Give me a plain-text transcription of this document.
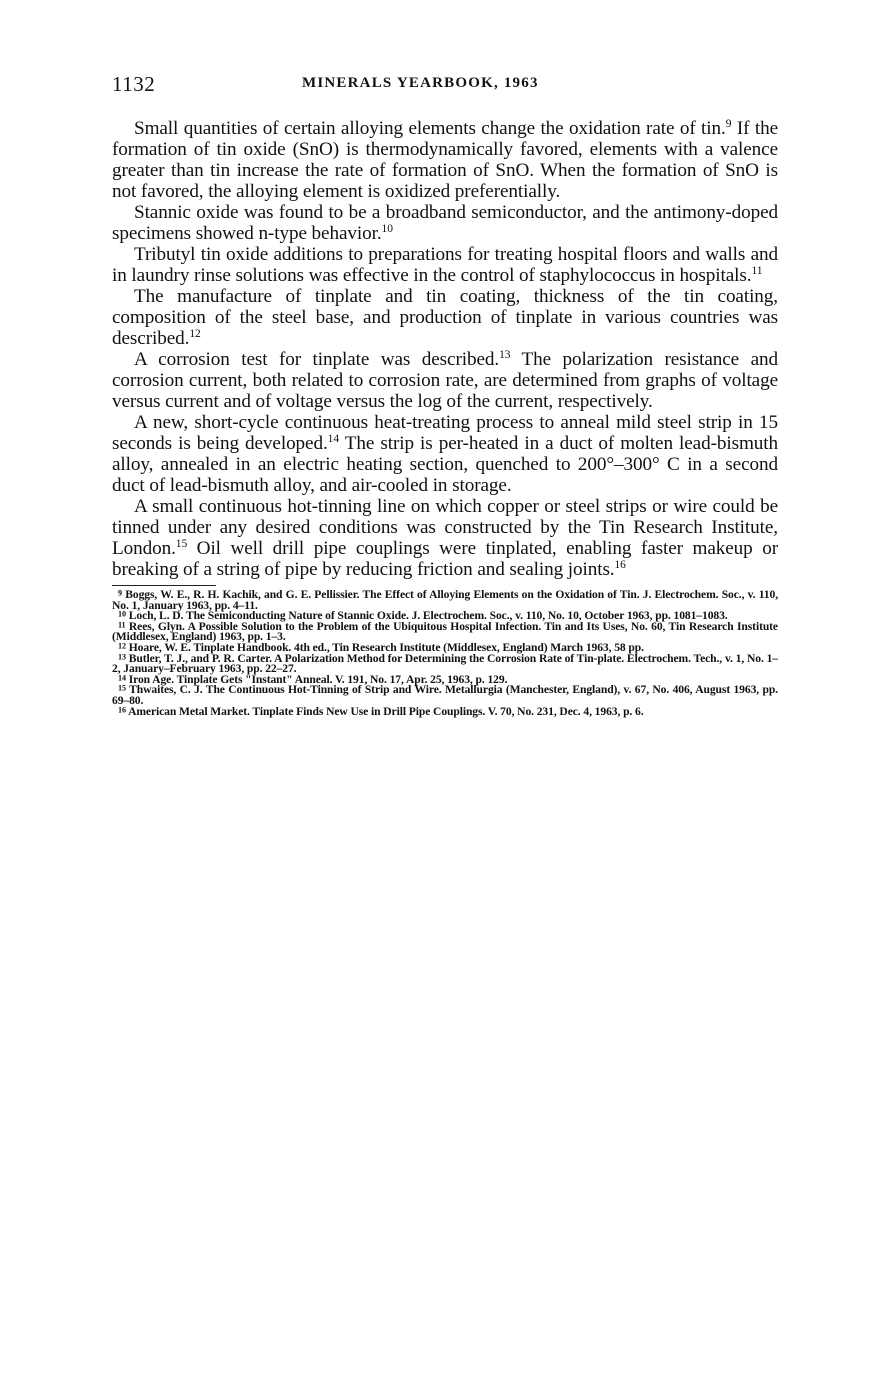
1132	MINERALS YEARBOOK, 1963

Small quantities of certain alloying elements change the oxidation rate of tin.$^9$ If the formation of tin oxide (SnO) is thermodynamically favored, elements with a valence greater than tin increase the rate of formation of SnO. When the formation of SnO is not favored, the alloying element is oxidized preferentially.

Stannic oxide was found to be a broadband semiconductor, and the antimony-doped specimens showed n-type behavior.$^{10}$

Tributyl tin oxide additions to preparations for treating hospital floors and walls and in laundry rinse solutions was effective in the control of staphylococcus in hospitals.$^{11}$

The manufacture of tinplate and tin coating, thickness of the tin coating, composition of the steel base, and production of tinplate in various countries was described.$^{12}$

A corrosion test for tinplate was described.$^{13}$ The polarization resistance and corrosion current, both related to corrosion rate, are determined from graphs of voltage versus current and of voltage versus the log of the current, respectively.

A new, short-cycle continuous heat-treating process to anneal mild steel strip in 15 seconds is being developed.$^{14}$ The strip is per-heated in a duct of molten lead-bismuth alloy, annealed in an electric heating section, quenched to 200°–300° C in a second duct of lead-bismuth alloy, and air-cooled in storage.

A small continuous hot-tinning line on which copper or steel strips or wire could be tinned under any desired conditions was constructed by the Tin Research Institute, London.$^{15}$ Oil well drill pipe couplings were tinplated, enabling faster makeup or breaking of a string of pipe by reducing friction and sealing joints.$^{16}$

$^9$ Boggs, W. E., R. H. Kachik, and G. E. Pellissier. The Effect of Alloying Elements on the Oxidation of Tin. J. Electrochem. Soc., v. 110, No. 1, January 1963, pp. 4–11.

$^{10}$ Loch, L. D. The Semiconducting Nature of Stannic Oxide. J. Electrochem. Soc., v. 110, No. 10, October 1963, pp. 1081–1083.

$^{11}$ Rees, Glyn. A Possible Solution to the Problem of the Ubiquitous Hospital Infection. Tin and Its Uses, No. 60, Tin Research Institute (Middlesex, England) 1963, pp. 1–3.

$^{12}$ Hoare, W. E. Tinplate Handbook. 4th ed., Tin Research Institute (Middlesex, England) March 1963, 58 pp.

$^{13}$ Butler, T. J., and P. R. Carter. A Polarization Method for Determining the Corrosion Rate of Tin-plate. Electrochem. Tech., v. 1, No. 1–2, January–February 1963, pp. 22–27.

$^{14}$ Iron Age. Tinplate Gets "Instant" Anneal. V. 191, No. 17, Apr. 25, 1963, p. 129.

$^{15}$ Thwaites, C. J. The Continuous Hot-Tinning of Strip and Wire. Metallurgia (Manchester, England), v. 67, No. 406, August 1963, pp. 69–80.

$^{16}$ American Metal Market. Tinplate Finds New Use in Drill Pipe Couplings. V. 70, No. 231, Dec. 4, 1963, p. 6.
